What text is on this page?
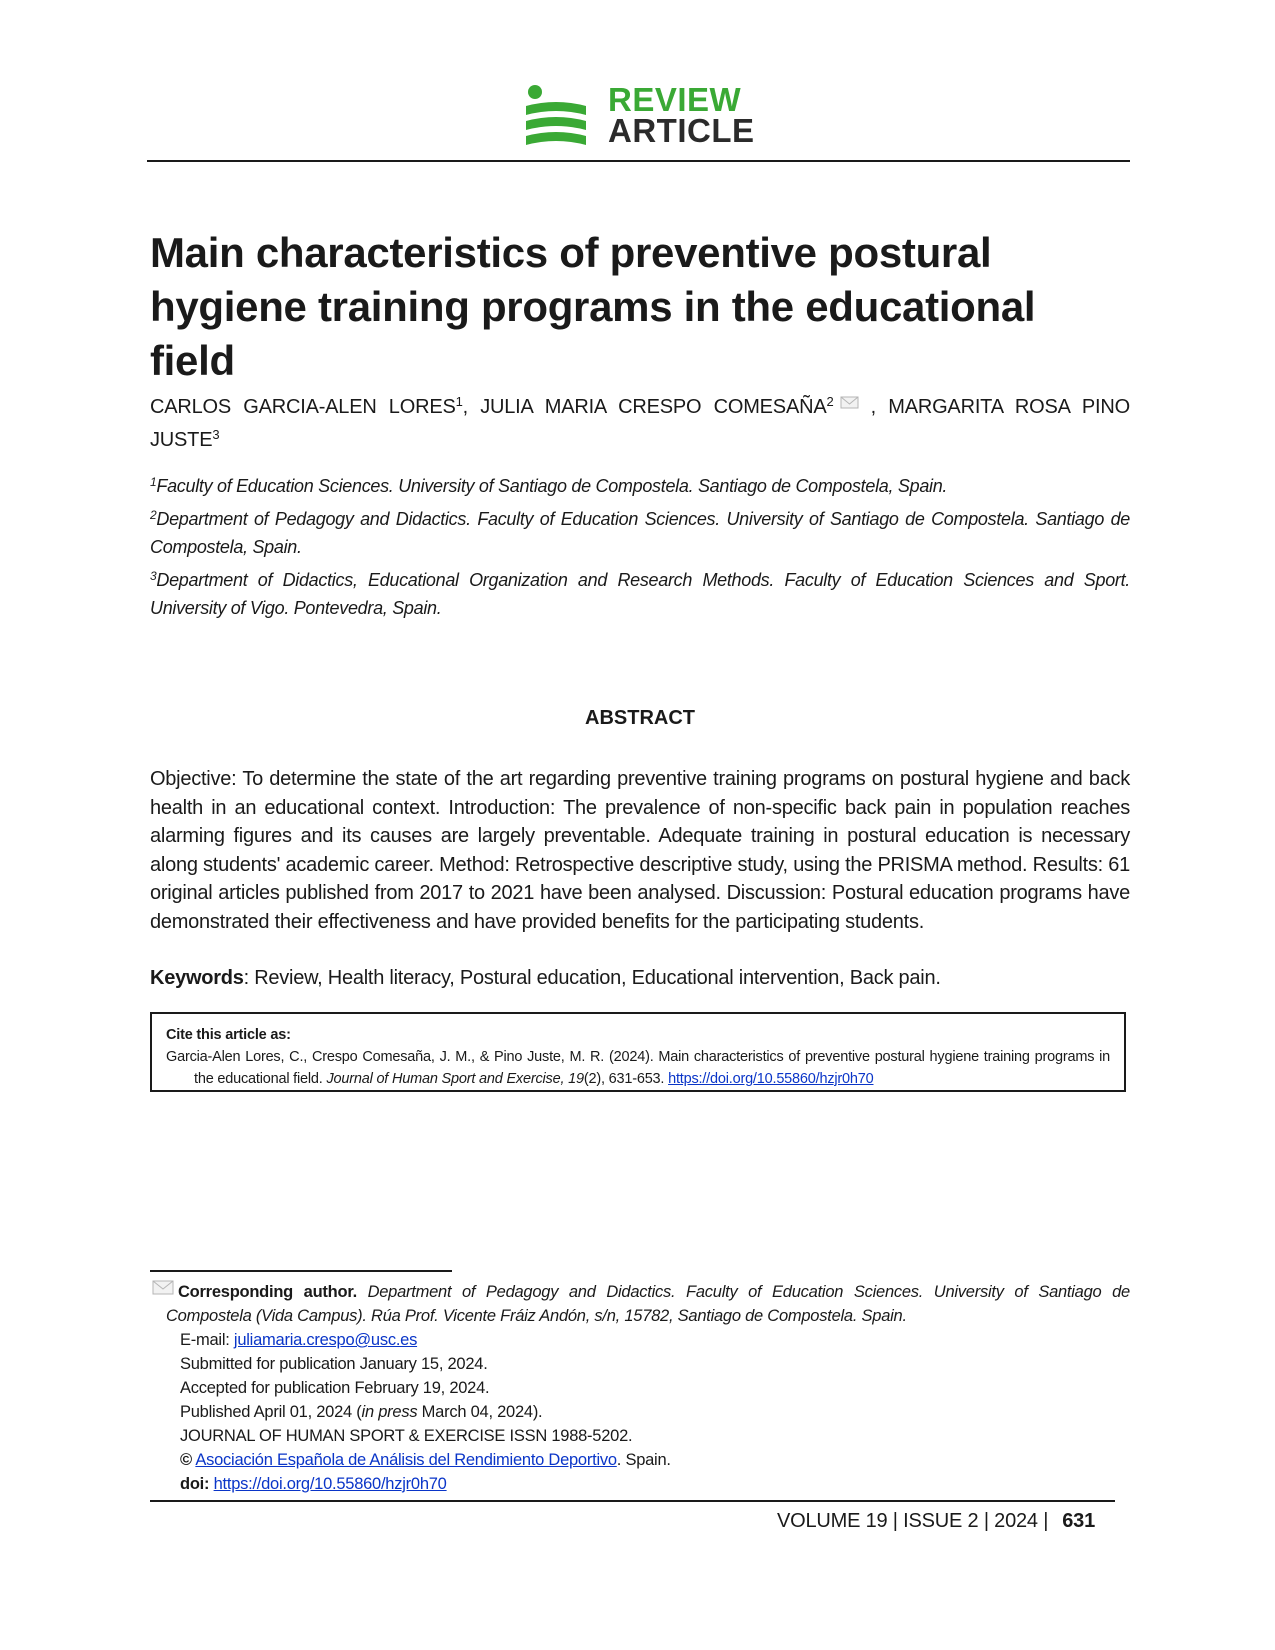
REVIEW
ARTICLE
Main characteristics of preventive postural hygiene training programs in the educational field
CARLOS GARCIA-ALEN LORES$^1$, JULIA MARIA CRESPO COMESAÑA$^2$ , MARGARITA ROSA PINO JUSTE$^3$

$^1$Faculty of Education Sciences. University of Santiago de Compostela. Santiago de Compostela, Spain.

$^2$Department of Pedagogy and Didactics. Faculty of Education Sciences. University of Santiago de Compostela. Santiago de Compostela, Spain.

$^3$Department of Didactics, Educational Organization and Research Methods. Faculty of Education Sciences and Sport. University of Vigo. Pontevedra, Spain.

ABSTRACT
Objective: To determine the state of the art regarding preventive training programs on postural hygiene and back health in an educational context. Introduction: The prevalence of non-specific back pain in population reaches alarming figures and its causes are largely preventable. Adequate training in postural education is necessary along students' academic career. Method: Retrospective descriptive study, using the PRISMA method. Results: 61 original articles published from 2017 to 2021 have been analysed. Discussion: Postural education programs have demonstrated their effectiveness and have provided benefits for the participating students.
Keywords: Review, Health literacy, Postural education, Educational intervention, Back pain.
Cite this article as:
Garcia-Alen Lores, C., Crespo Comesaña, J. M., & Pino Juste, M. R. (2024). Main characteristics of preventive postural hygiene training programs in the educational field. Journal of Human Sport and Exercise, 19(2), 631-653. https://doi.org/10.55860/hzjr0h70
Corresponding author. Department of Pedagogy and Didactics. Faculty of Education Sciences. University of Santiago de Compostela (Vida Campus). Rúa Prof. Vicente Fráiz Andón, s/n, 15782, Santiago de Compostela. Spain.
E-mail: juliamaria.crespo@usc.es
Submitted for publication January 15, 2024.
Accepted for publication February 19, 2024.
Published April 01, 2024 (in press March 04, 2024).
JOURNAL OF HUMAN SPORT & EXERCISE ISSN 1988-5202.
© Asociación Española de Análisis del Rendimiento Deportivo. Spain.
doi: https://doi.org/10.55860/hzjr0h70
VOLUME 19 | ISSUE 2 | 2024 | 631
